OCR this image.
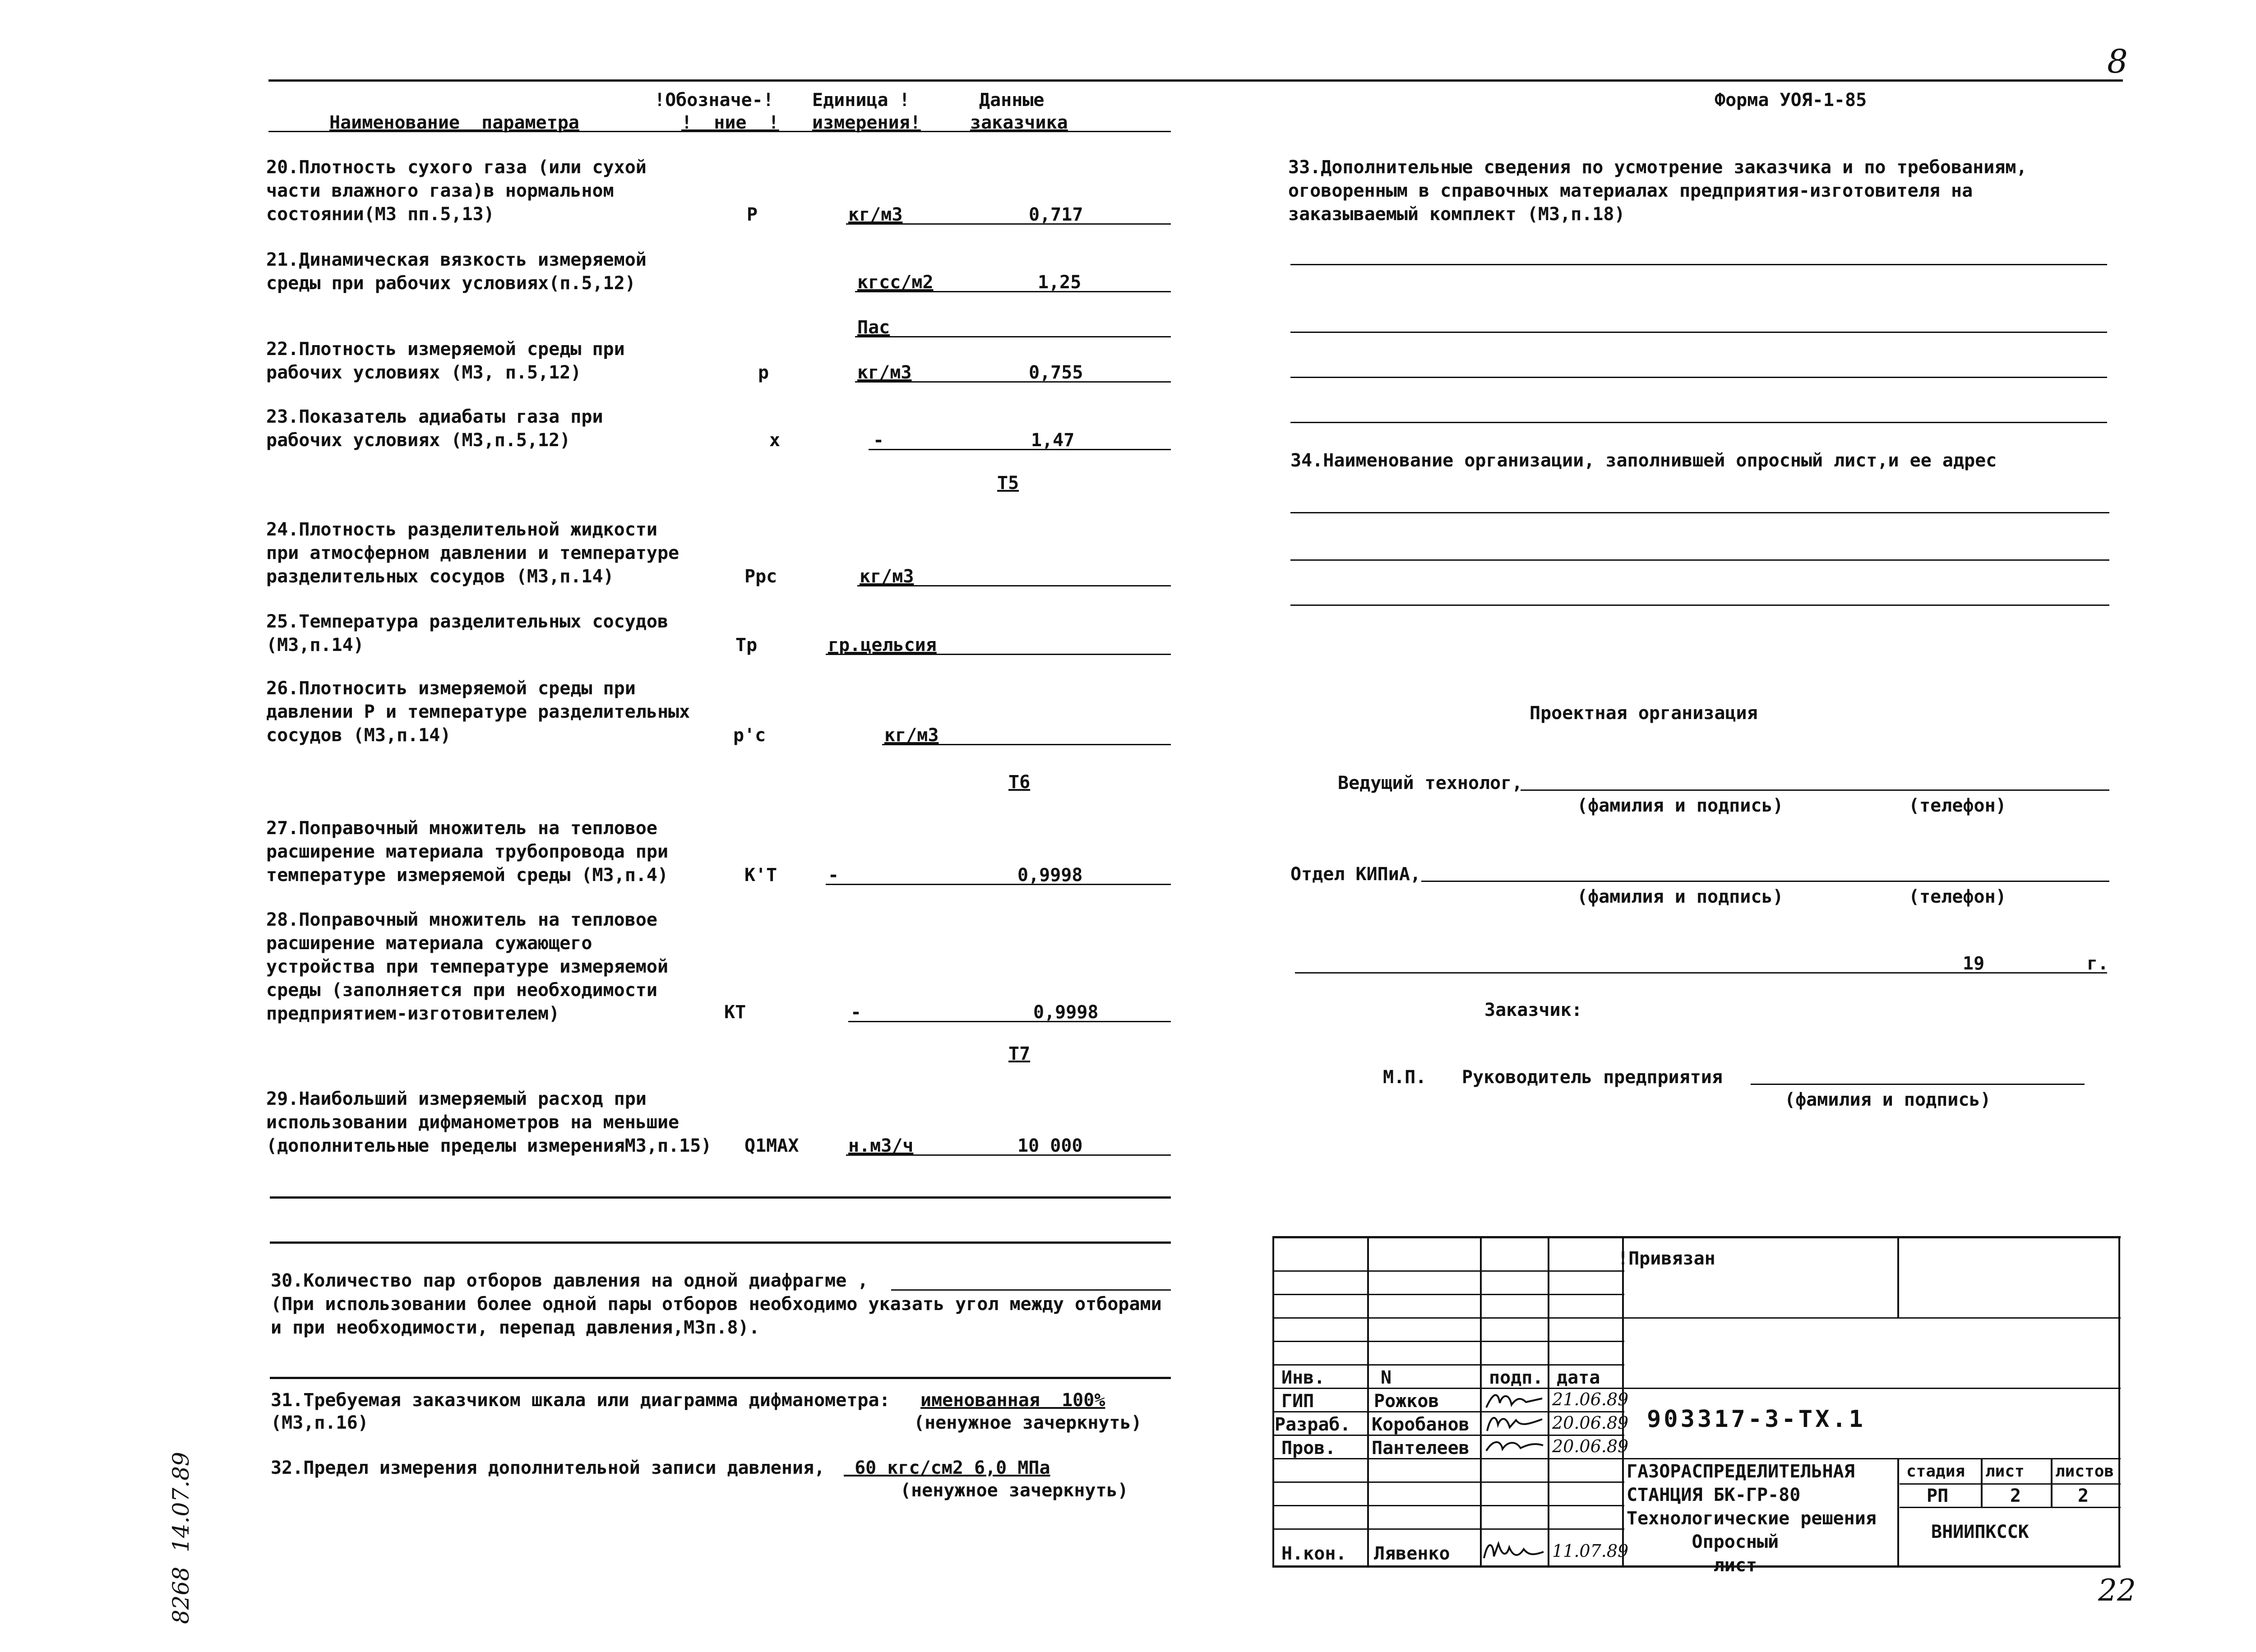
!Обозначе-! Единица !	Данные
Наименование  параметра	!  ние  ! измерения!	заказчика
Форма УОЯ-1-85
8
20.Плотность сухого газа (или сухой
части влажного газа)в нормальном
состоянии(МЗ пп.5,13)	P	кг/м3	0,717
21.Динамическая вязкость измеряемой
среды при рабочих условиях(п.5,12)	кгсс/м2	1,25
Пас
22.Плотность измеряемой среды при
рабочих условиях (МЗ, п.5,12)	р	кг/м3	0,755
23.Показатель адиабаты газа при
рабочих условиях (МЗ,п.5,12)	x	-	1,47
T5
24.Плотность разделительной жидкости
при атмосферном давлении и температуре
разделительных сосудов (МЗ,п.14)	Ppc	кг/м3
25.Температура разделительных сосудов
(МЗ,п.14)	Tp	гр.цельсия
26.Плотносить измеряемой среды при
давлении Р и температуре разделительных
сосудов (МЗ,п.14)	p'c	кг/м3
T6
27.Поправочный множитель на тепловое
расширение материала трубопровода при
температуре измеряемой среды (МЗ,п.4)	K'T	-	0,9998
28.Поправочный множитель на тепловое
расширение материала сужающего
устройства при температуре измеряемой
среды (заполняется при необходимости
предприятием-изготовителем)	KT	-	0,9998
T7
29.Наибольший измеряемый расход при
использовании дифманометров на меньшие
(дополнительные пределы измеренияМЗ,п.15) Q1MAX	н.м3/ч	10 000
30.Количество пар отборов давления на одной диафрагме ,
(При использовании более одной пары отборов необходимо указать угол между отборами
и при необходимости, перепад давления,МЗп.8).
31.Требуемая заказчиком шкала или диаграмма дифманометра: именованная  100%
(МЗ,п.16)	(ненужное зачеркнуть)
32.Предел измерения дополнительной записи давления, 60 кгс/см2 6,0 МПа
(ненужное зачеркнуть)
33.Дополнительные сведения по усмотрение заказчика и по требованиям,
оговоренным в справочных материалах предприятия-изготовителя на
заказываемый комплект (МЗ,п.18)
34.Наименование организации, заполнившей опросный лист,и ее адрес
Проектная организация
Ведущий технолог,
(фамилия и подпись)	(телефон)
Отдел КИПиА,
(фамилия и подпись)	(телефон)
19	г.
Заказчик:
М.П. Руководитель предприятия
(фамилия и подпись)
!Привязан
Инв.	N	подп. дата
ГИП	Рожков	21.06.89
Разраб. Коробанов	20.06.89
Пров. Пантелеев	20.06.89
Н.кон. Лявенко	11.07.89
903317-3-ТХ.1
ГАЗОРАСПРЕДЕЛИТЕЛЬНАЯ
СТАНЦИЯ БК-ГР-80
Технологические решения
Опросный
лист
стадия лист листов
РП	2	2
ВНИИПКССК
8268  14.07.89	22
